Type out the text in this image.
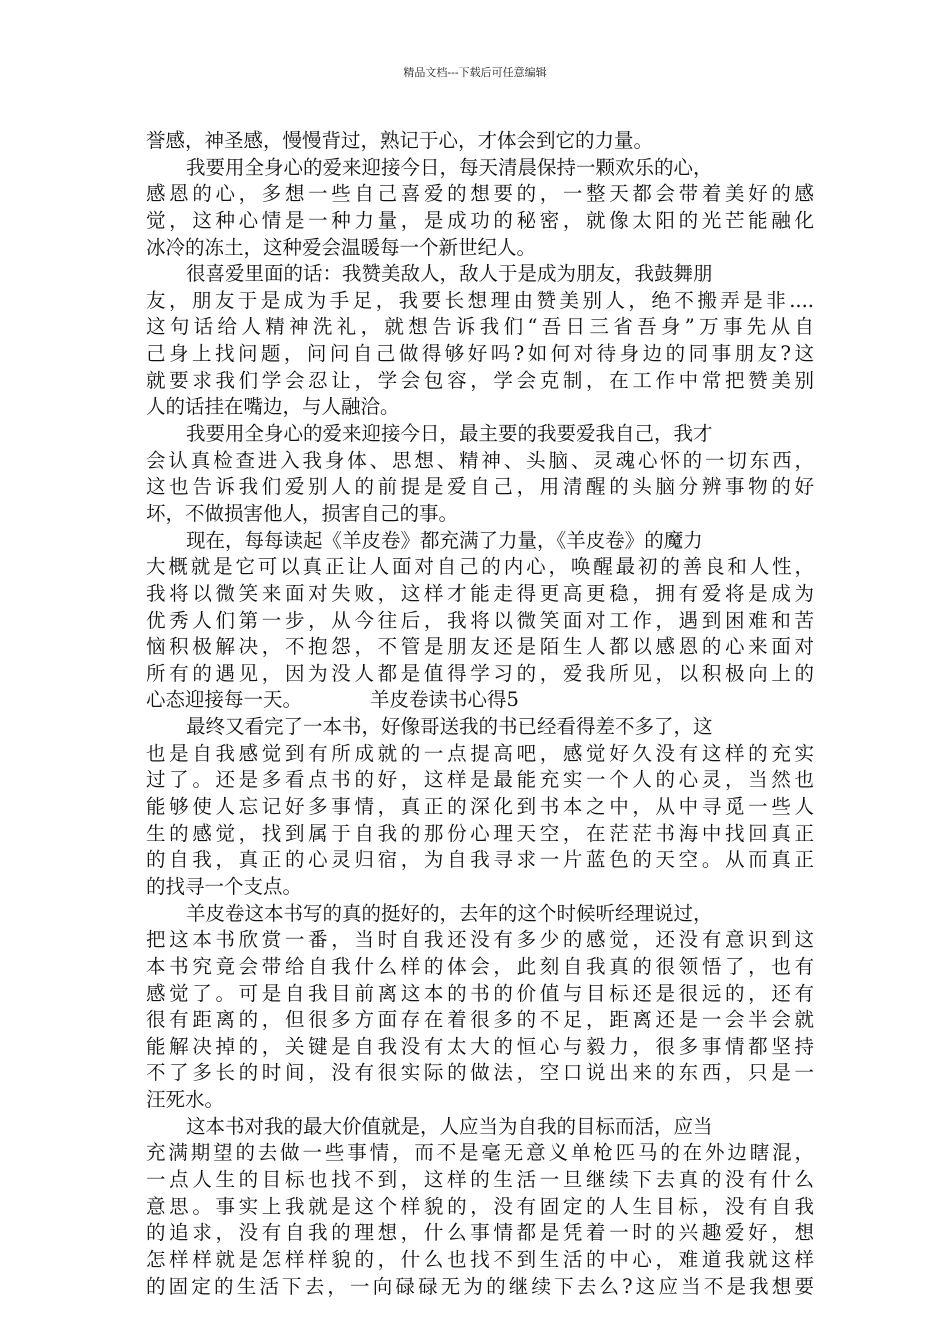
精品文档---下载后可任意编辑
誉感，神圣感，慢慢背过，熟记于心，才体会到它的力量。
我要用全身心的爱来迎接今日，每天清晨保持一颗欢乐的心，
感恩的心，多想一些自己喜爱的想要的，一整天都会带着美好的感
觉，这种心情是一种力量，是成功的秘密，就像太阳的光芒能融化
冰冷的冻土，这种爱会温暖每一个新世纪人。
很喜爱里面的话：我赞美敌人，敌人于是成为朋友，我鼓舞朋
友，朋友于是成为手足，我要长想理由赞美别人，绝不搬弄是非....
这句话给人精神洗礼，就想告诉我们“吾日三省吾身”万事先从自
己身上找问题，问问自己做得够好吗?如何对待身边的同事朋友?这
就要求我们学会忍让，学会包容，学会克制，在工作中常把赞美别
人的话挂在嘴边，与人融洽。
我要用全身心的爱来迎接今日，最主要的我要爱我自己，我才
会认真检查进入我身体、思想、精神、头脑、灵魂心怀的一切东西，
这也告诉我们爱别人的前提是爱自己，用清醒的头脑分辨事物的好
坏，不做损害他人，损害自己的事。
现在，每每读起《羊皮卷》都充满了力量，《羊皮卷》的魔力
大概就是它可以真正让人面对自己的内心，唤醒最初的善良和人性，
我将以微笑来面对失败，这样才能走得更高更稳，拥有爱将是成为
优秀人们第一步，从今往后，我将以微笑面对工作，遇到困难和苦
恼积极解决，不抱怨，不管是朋友还是陌生人都以感恩的心来面对
所有的遇见，因为没人都是值得学习的，爱我所见，以积极向上的
心态迎接每一天。	羊皮卷读书心得5
最终又看完了一本书，好像哥送我的书已经看得差不多了，这
也是自我感觉到有所成就的一点提高吧，感觉好久没有这样的充实
过了。还是多看点书的好，这样是最能充实一个人的心灵，当然也
能够使人忘记好多事情，真正的深化到书本之中，从中寻觅一些人
生的感觉，找到属于自我的那份心理天空，在茫茫书海中找回真正
的自我，真正的心灵归宿，为自我寻求一片蓝色的天空。从而真正
的找寻一个支点。
羊皮卷这本书写的真的挺好的，去年的这个时候听经理说过，
把这本书欣赏一番，当时自我还没有多少的感觉，还没有意识到这
本书究竟会带给自我什么样的体会，此刻自我真的很领悟了，也有
感觉了。可是自我目前离这本的书的价值与目标还是很远的，还有
很有距离的，但很多方面存在着很多的不足，距离还是一会半会就
能解决掉的，关键是自我没有太大的恒心与毅力，很多事情都坚持
不了多长的时间，没有很实际的做法，空口说出来的东西，只是一
汪死水。
这本书对我的最大价值就是，人应当为自我的目标而活，应当
充满期望的去做一些事情，而不是毫无意义单枪匹马的在外边瞎混，
一点人生的目标也找不到，这样的生活一旦继续下去真的没有什么
意思。事实上我就是这个样貌的，没有固定的人生目标，没有自我
的追求，没有自我的理想，什么事情都是凭着一时的兴趣爱好，想
怎样样就是怎样样貌的，什么也找不到生活的中心，难道我就这样
的固定的生活下去，一向碌碌无为的继续下去么?这应当不是我想要
